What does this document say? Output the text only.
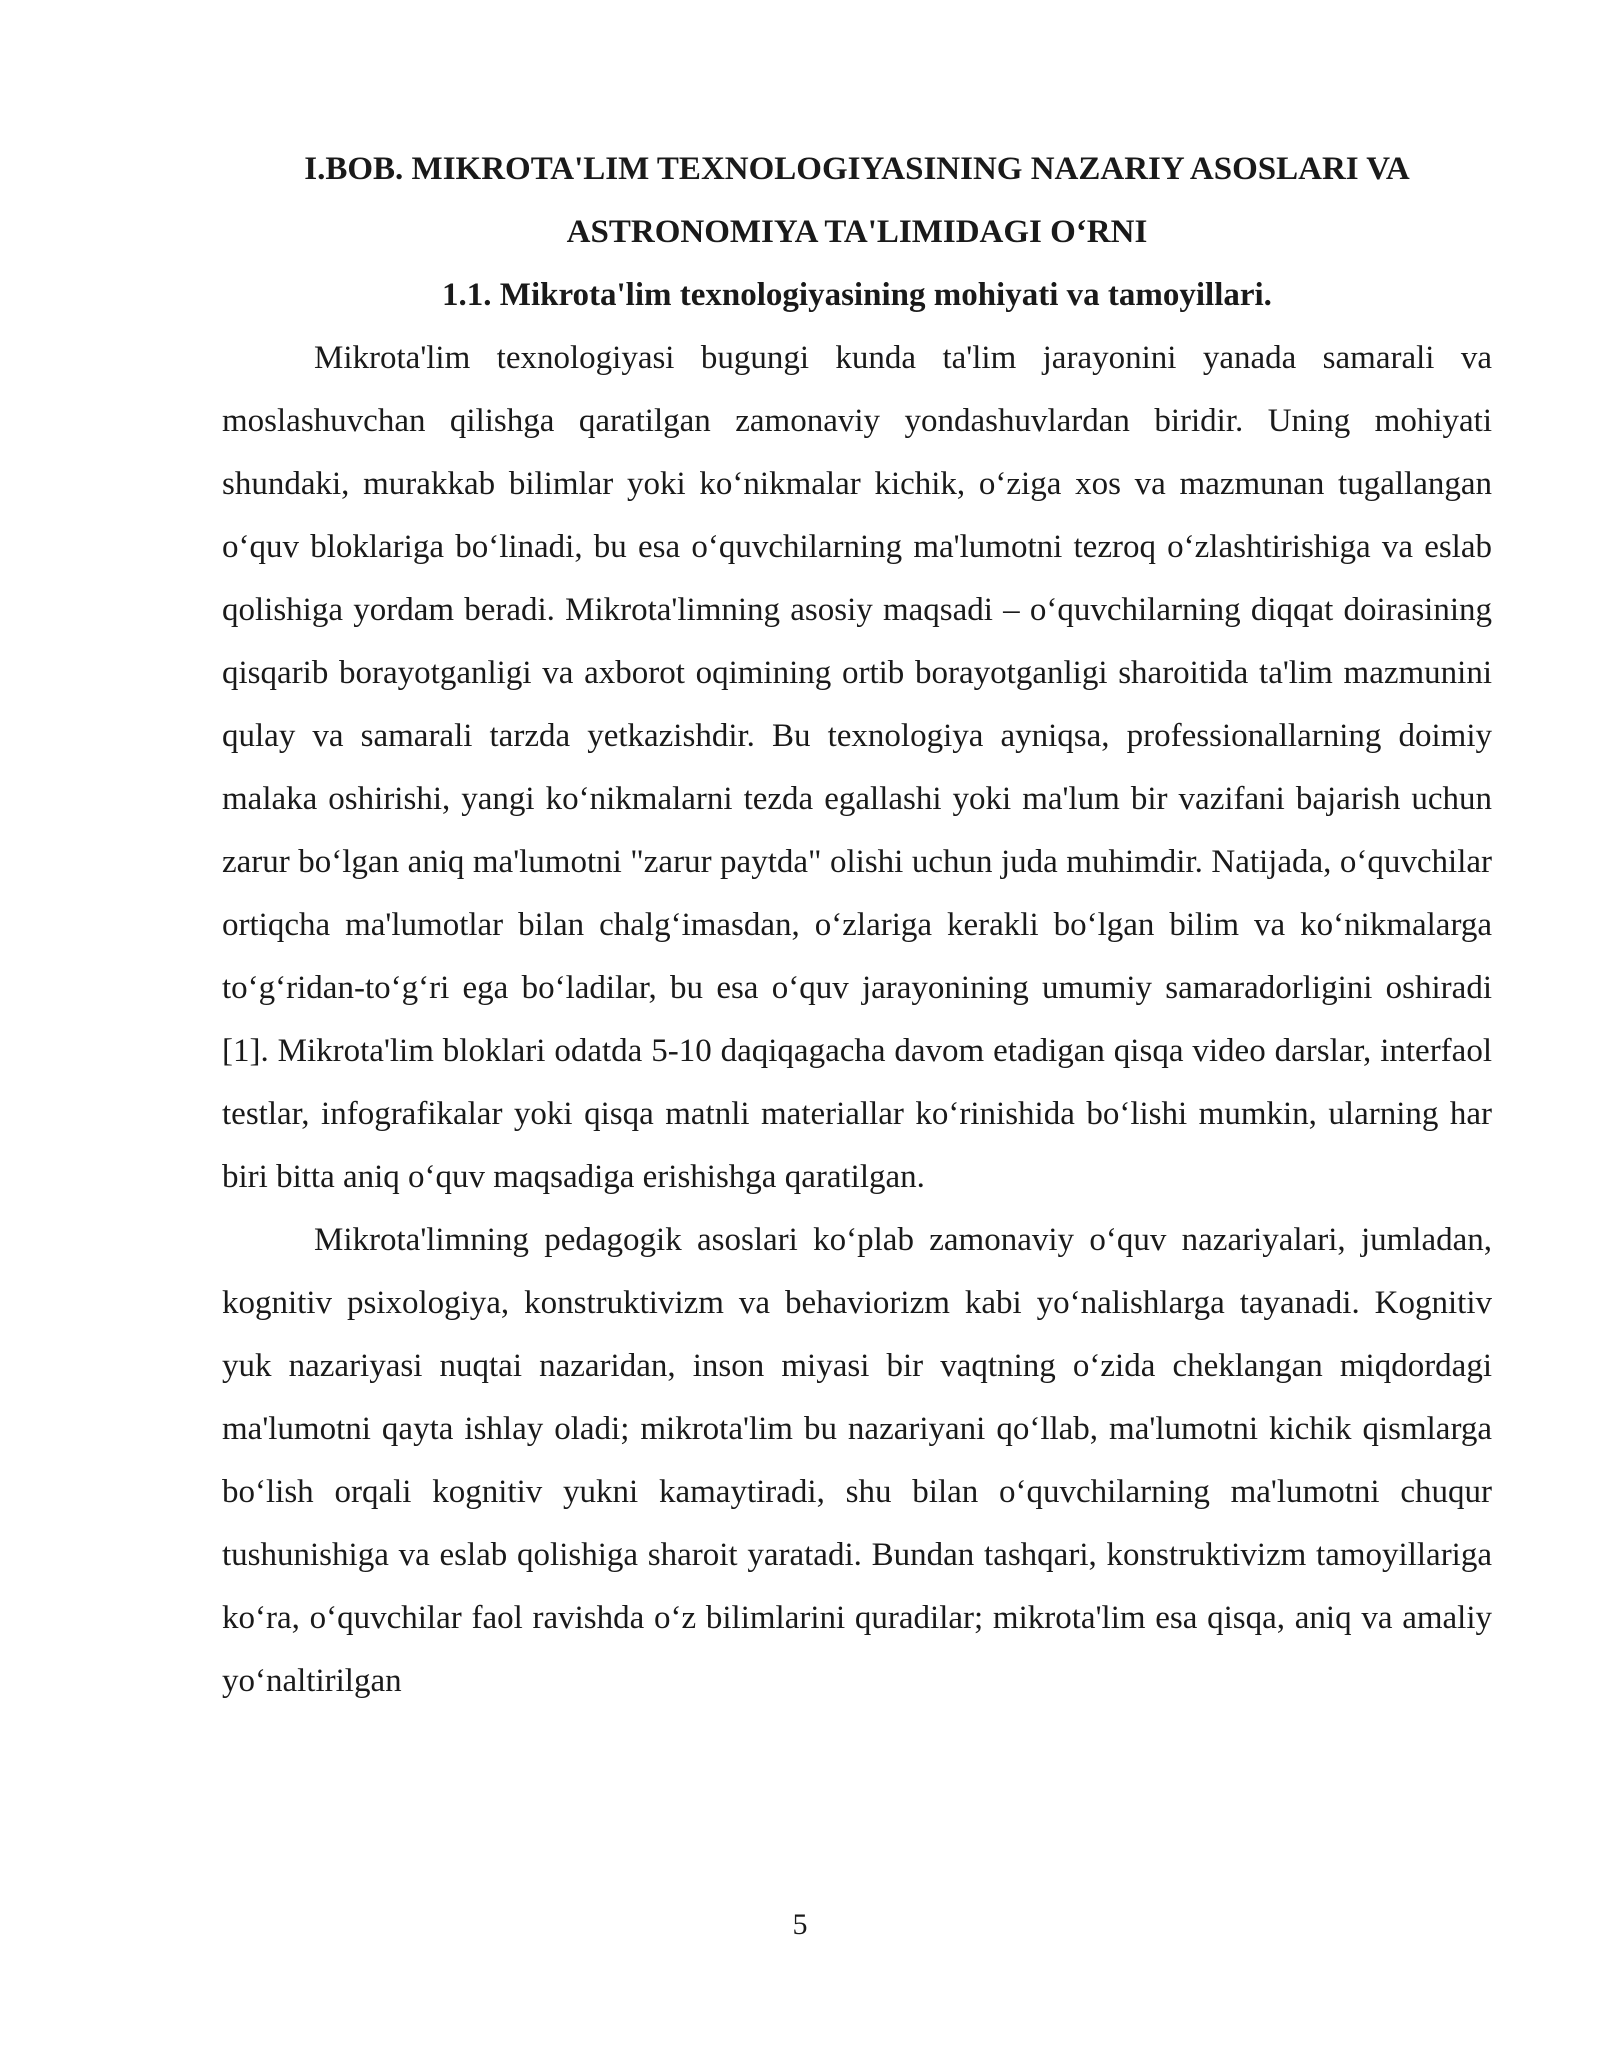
I.BOB. MIKROTA'LIM TEXNOLOGIYASINING NAZARIY ASOSLARI VA ASTRONOMIYA TA'LIMIDAGI O‘RNI
1.1. Mikrota'lim texnologiyasining mohiyati va tamoyillari.

Mikrota'lim texnologiyasi bugungi kunda ta'lim jarayonini yanada samarali va moslashuvchan qilishga qaratilgan zamonaviy yondashuvlardan biridir. Uning mohiyati shundaki, murakkab bilimlar yoki ko‘nikmalar kichik, o‘ziga xos va mazmunan tugallangan o‘quv bloklariga bo‘linadi, bu esa o‘quvchilarning ma'lumotni tezroq o‘zlashtirishiga va eslab qolishiga yordam beradi. Mikrota'limning asosiy maqsadi – o‘quvchilarning diqqat doirasining qisqarib borayotganligi va axborot oqimining ortib borayotganligi sharoitida ta'lim mazmunini qulay va samarali tarzda yetkazishdir. Bu texnologiya ayniqsa, professionallarning doimiy malaka oshirishi, yangi ko‘nikmalarni tezda egallashi yoki ma'lum bir vazifani bajarish uchun zarur bo‘lgan aniq ma'lumotni "zarur paytda" olishi uchun juda muhimdir. Natijada, o‘quvchilar ortiqcha ma'lumotlar bilan chalg‘imasdan, o‘zlariga kerakli bo‘lgan bilim va ko‘nikmalarga to‘g‘ridan-to‘g‘ri ega bo‘ladilar, bu esa o‘quv jarayonining umumiy samaradorligini oshiradi [1]. Mikrota'lim bloklari odatda 5-10 daqiqagacha davom etadigan qisqa video darslar, interfaol testlar, infografikalar yoki qisqa matnli materiallar ko‘rinishida bo‘lishi mumkin, ularning har biri bitta aniq o‘quv maqsadiga erishishga qaratilgan.

Mikrota'limning pedagogik asoslari ko‘plab zamonaviy o‘quv nazariyalari, jumladan, kognitiv psixologiya, konstruktivizm va behaviorizm kabi yo‘nalishlarga tayanadi. Kognitiv yuk nazariyasi nuqtai nazaridan, inson miyasi bir vaqtning o‘zida cheklangan miqdordagi ma'lumotni qayta ishlay oladi; mikrota'lim bu nazariyani qo‘llab, ma'lumotni kichik qismlarga bo‘lish orqali kognitiv yukni kamaytiradi, shu bilan o‘quvchilarning ma'lumotni chuqur tushunishiga va eslab qolishiga sharoit yaratadi. Bundan tashqari, konstruktivizm tamoyillariga ko‘ra, o‘quvchilar faol ravishda o‘z bilimlarini quradilar; mikrota'lim esa qisqa, aniq va amaliy yo‘naltirilgan

5
